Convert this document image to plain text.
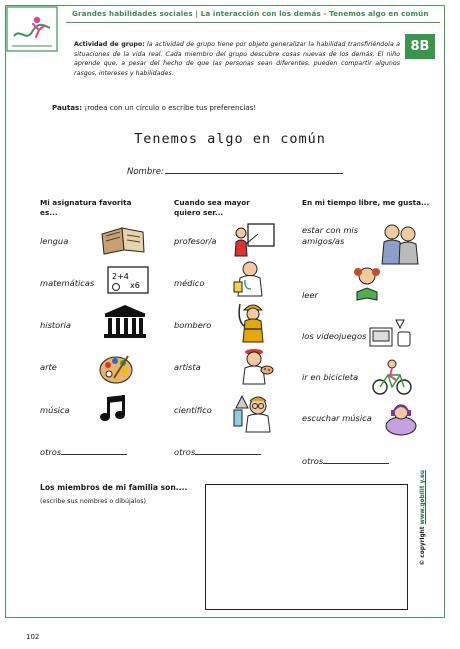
Grandes habilidades sociales | La interacción con los demás - Tenemos algo en común
8B
Actividad de grupo: la actividad de grupo tiene por objeto generalizar la habilidad transfiriéndola a situaciones de la vida real. Cada miembro del grupo descubre cosas nuevas de los demás. El niño aprende que, a pesar del hecho de que las personas sean diferentes, pueden compartir algunos rasgos, intereses y habilidades.
Pautas: ¡rodea con un círculo o escribe tus preferencias!
Tenemos algo en común
Nombre:
Mi asignatura favorita
es...
lengua
matemáticas
historia
arte
música
otros
2+4
x6
Cuando sea mayor
quiero ser...
profesor/a
médico
bombero
artista
científico
otros
En mi tiempo libre, me gusta...
estar con mis amigos/as
leer
los videojuegos
ir en bicicleta
escuchar música
otros
Los miembros de mi familia son....
(escribe sus nombres o dibújalos)
© copyright www.gobilit y.eu
102
